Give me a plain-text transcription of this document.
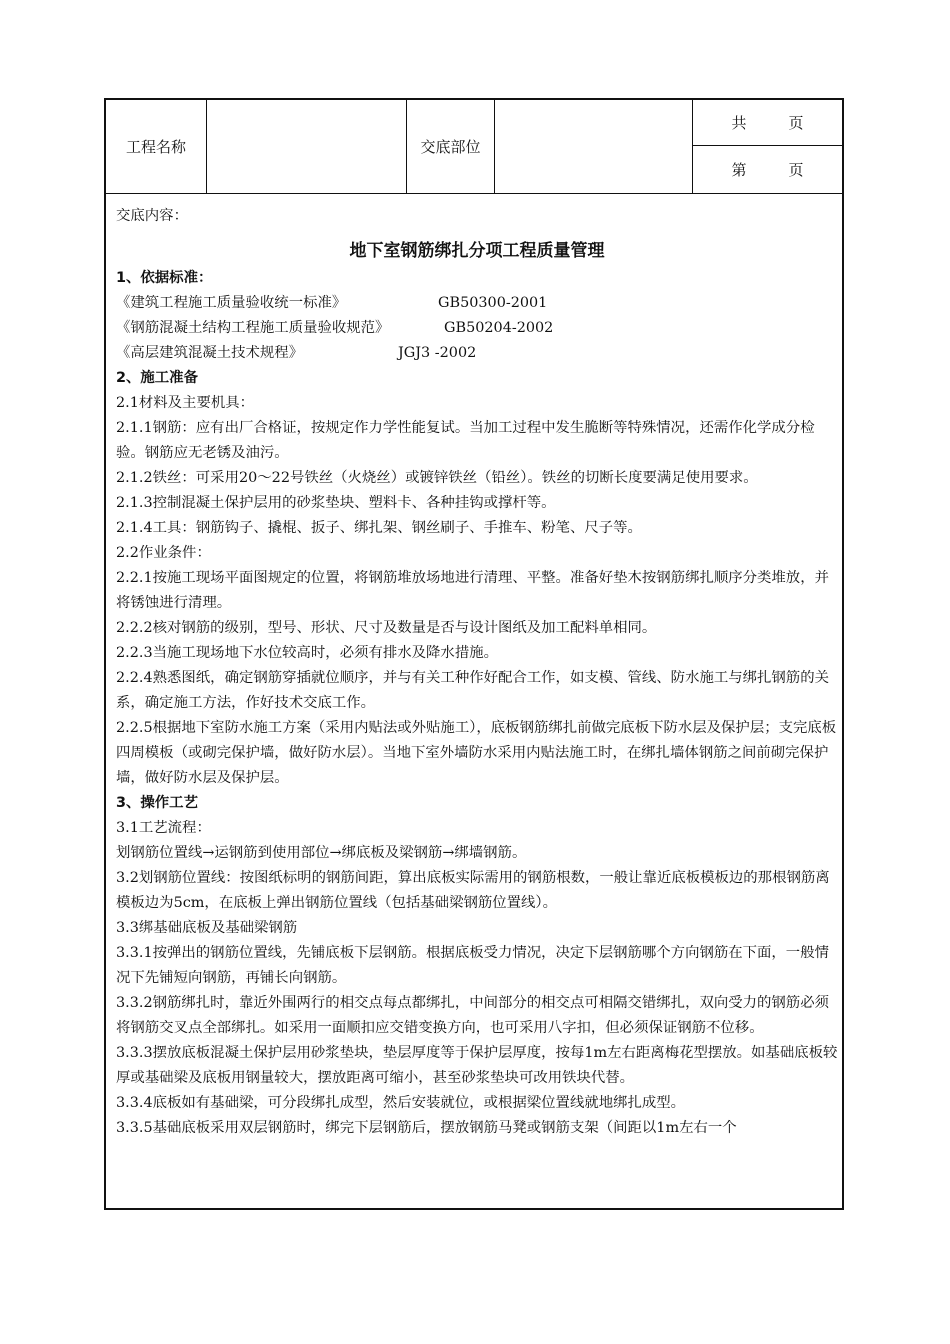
工程名称	交底部位
共	页
第	页

交底内容：

地下室钢筋绑扎分项工程质量管理

1、依据标准：

《建筑工程施工质量验收统一标准》	GB50300-2001

《钢筋混凝土结构工程施工质量验收规范》	GB50204-2002

《高层建筑混凝土技术规程》	JGJ3 -2002

2、施工准备

2.1材料及主要机具：

2.1.1钢筋：应有出厂合格证，按规定作力学性能复试。当加工过程中发生脆断等特殊情况，还需作化学成分检验。钢筋应无老锈及油污。

2.1.2铁丝：可采用20～22号铁丝（火烧丝）或镀锌铁丝（铅丝）。铁丝的切断长度要满足使用要求。

2.1.3控制混凝土保护层用的砂浆垫块、塑料卡、各种挂钩或撑杆等。

2.1.4工具：钢筋钩子、撬棍、扳子、绑扎架、钢丝刷子、手推车、粉笔、尺子等。

2.2作业条件：

2.2.1按施工现场平面图规定的位置，将钢筋堆放场地进行清理、平整。准备好垫木按钢筋绑扎顺序分类堆放，并将锈蚀进行清理。

2.2.2核对钢筋的级别，型号、形状、尺寸及数量是否与设计图纸及加工配料单相同。

2.2.3当施工现场地下水位较高时，必须有排水及降水措施。

2.2.4熟悉图纸，确定钢筋穿插就位顺序，并与有关工种作好配合工作，如支模、管线、防水施工与绑扎钢筋的关系，确定施工方法，作好技术交底工作。

2.2.5根据地下室防水施工方案（采用内贴法或外贴施工），底板钢筋绑扎前做完底板下防水层及保护层；支完底板四周模板（或砌完保护墙，做好防水层）。当地下室外墙防水采用内贴法施工时，在绑扎墙体钢筋之间前砌完保护墙，做好防水层及保护层。

3、操作工艺

3.1工艺流程：

划钢筋位置线→运钢筋到使用部位→绑底板及梁钢筋→绑墙钢筋。

3.2划钢筋位置线：按图纸标明的钢筋间距，算出底板实际需用的钢筋根数，一般让靠近底板模板边的那根钢筋离模板边为5cm，在底板上弹出钢筋位置线（包括基础梁钢筋位置线）。

3.3绑基础底板及基础梁钢筋

3.3.1按弹出的钢筋位置线，先铺底板下层钢筋。根据底板受力情况，决定下层钢筋哪个方向钢筋在下面，一般情况下先铺短向钢筋，再铺长向钢筋。

3.3.2钢筋绑扎时，靠近外围两行的相交点每点都绑扎，中间部分的相交点可相隔交错绑扎，双向受力的钢筋必须将钢筋交叉点全部绑扎。如采用一面顺扣应交错变换方向，也可采用八字扣，但必须保证钢筋不位移。

3.3.3摆放底板混凝土保护层用砂浆垫块，垫层厚度等于保护层厚度，按每1m左右距离梅花型摆放。如基础底板较厚或基础梁及底板用钢量较大，摆放距离可缩小，甚至砂浆垫块可改用铁块代替。

3.3.4底板如有基础梁，可分段绑扎成型，然后安装就位，或根据梁位置线就地绑扎成型。

3.3.5基础底板采用双层钢筋时，绑完下层钢筋后，摆放钢筋马凳或钢筋支架（间距以1m左右一个
